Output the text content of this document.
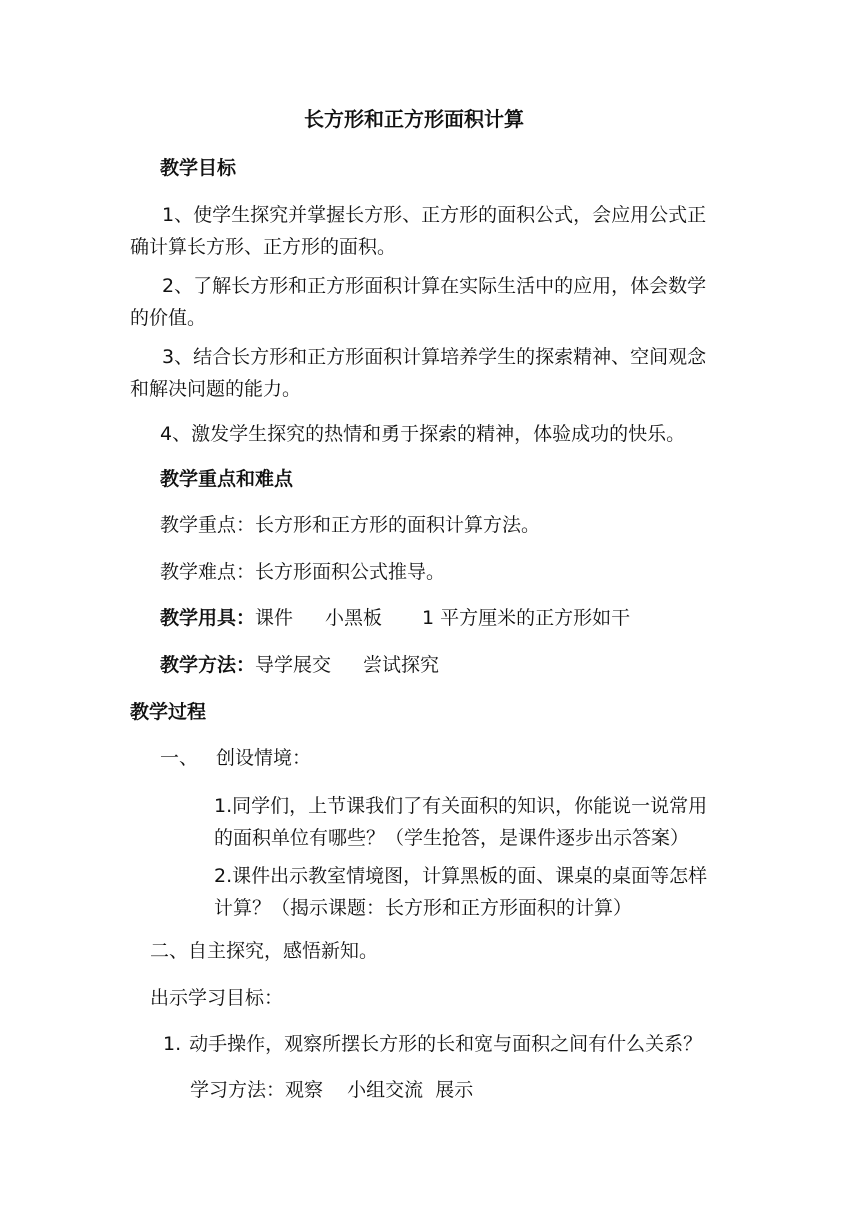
长方形和正方形面积计算
教学目标
1、使学生探究并掌握长方形、正方形的面积公式，会应用公式正
确计算长方形、正方形的面积。
2、了解长方形和正方形面积计算在实际生活中的应用，体会数学
的价值。
3、结合长方形和正方形面积计算培养学生的探索精神、空间观念
和解决问题的能力。
4、激发学生探究的热情和勇于探索的精神，体验成功的快乐。
教学重点和难点
教学重点：长方形和正方形的面积计算方法。
教学难点：长方形面积公式推导。
教学用具：课件 小黑板 1 平方厘米的正方形如干
教学方法：导学展交 尝试探究
教学过程
一、 创设情境：
1.同学们，上节课我们了有关面积的知识，你能说一说常用
的面积单位有哪些？（学生抢答，是课件逐步出示答案）
2.课件出示教室情境图，计算黑板的面、课桌的桌面等怎样
计算？（揭示课题：长方形和正方形面积的计算）
二、自主探究，感悟新知。
出示学习目标：
1. 动手操作，观察所摆长方形的长和宽与面积之间有什么关系？
学习方法：观察    小组交流  展示
